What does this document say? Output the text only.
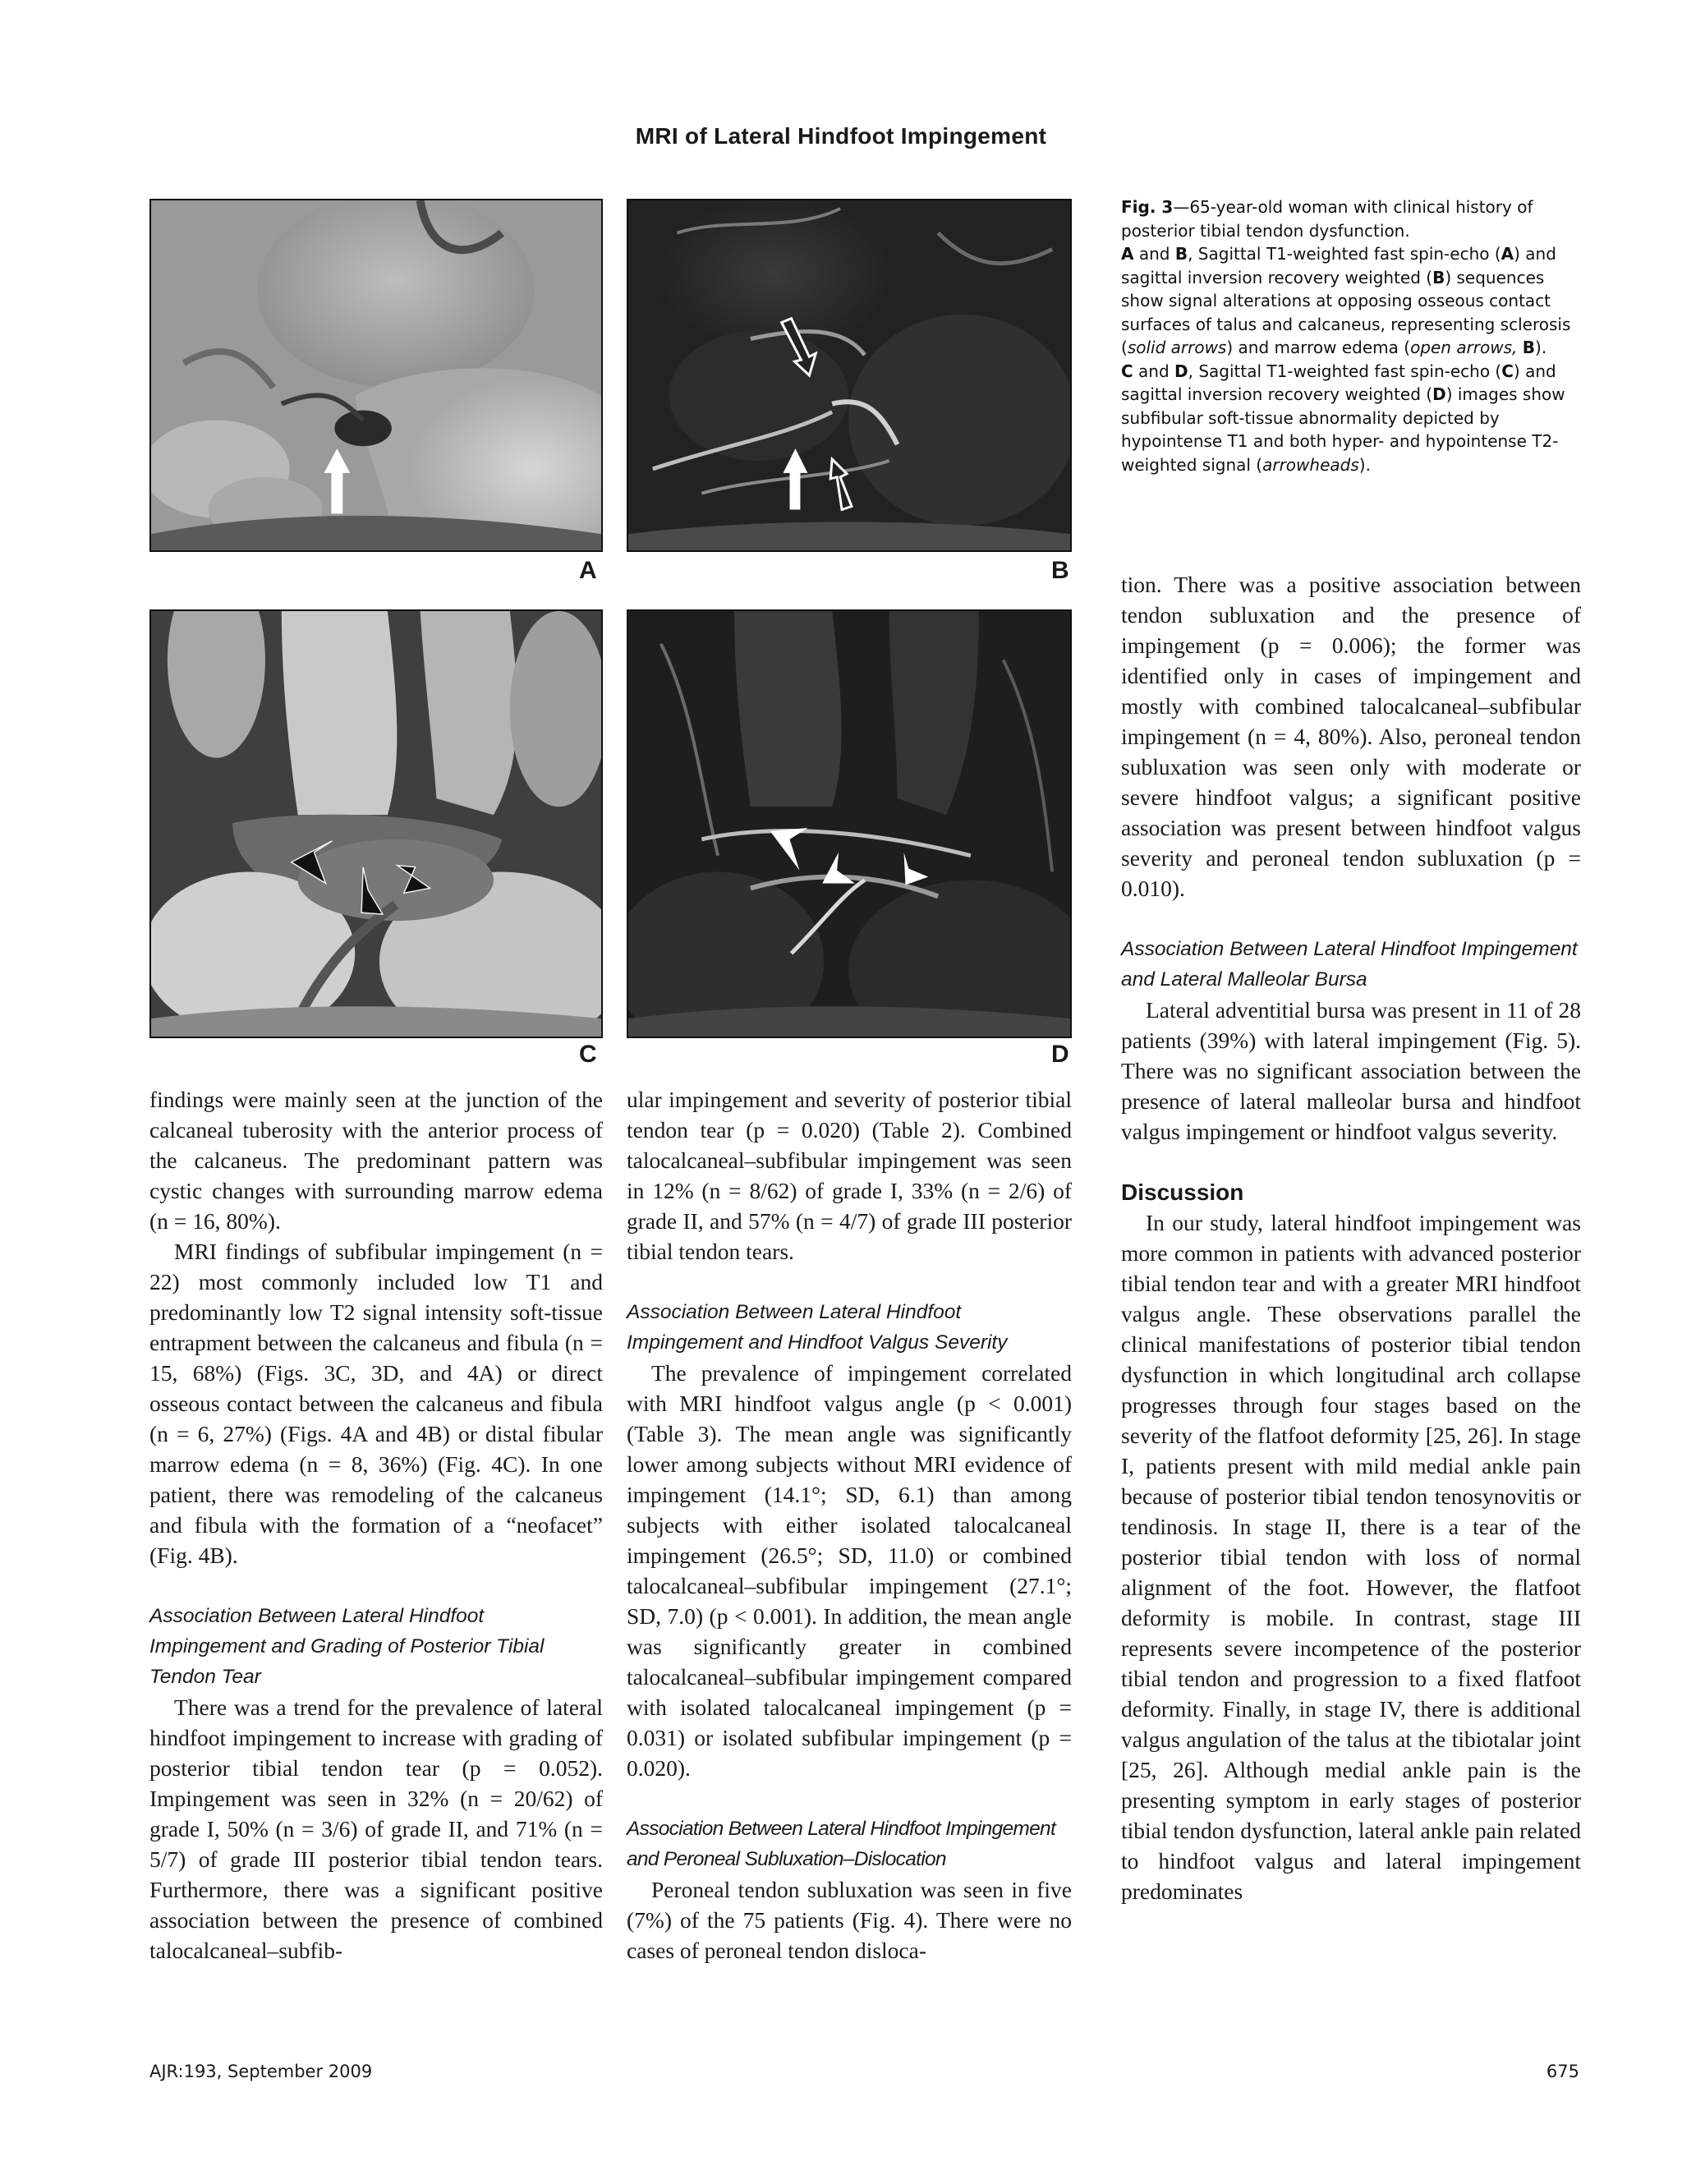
MRI of Lateral Hindfoot Impingement
A	B
C	D

Fig. 3—65-year-old woman with clinical history of posterior tibial tendon dysfunction.

A and B, Sagittal T1-weighted fast spin-echo (A) and sagittal inversion recovery weighted (B) sequences show signal alterations at opposing osseous contact surfaces of talus and calcaneus, representing sclerosis (solid arrows) and marrow edema (open arrows, B).

C and D, Sagittal T1-weighted fast spin-echo (C) and sagittal inversion recovery weighted (D) images show subfibular soft-tissue abnormality depicted by hypointense T1 and both hyper- and hypointense T2-weighted signal (arrowheads).

findings were mainly seen at the junction of the calcaneal tuberosity with the anterior process of the calcaneus. The predominant pattern was cystic changes with surrounding marrow edema (n = 16, 80%).

MRI findings of subfibular impingement (n = 22) most commonly included low T1 and predominantly low T2 signal intensity soft-tissue entrapment between the calcaneus and fibula (n = 15, 68%) (Figs. 3C, 3D, and 4A) or direct osseous contact between the calcaneus and fibula (n = 6, 27%) (Figs. 4A and 4B) or distal fibular marrow edema (n = 8, 36%) (Fig. 4C). In one patient, there was remodeling of the calcaneus and fibula with the formation of a “neofacet” (Fig. 4B).

Association Between Lateral Hindfoot Impingement and Grading of Posterior Tibial Tendon Tear

There was a trend for the prevalence of lateral hindfoot impingement to increase with grading of posterior tibial tendon tear (p = 0.052). Impingement was seen in 32% (n = 20/62) of grade I, 50% (n = 3/6) of grade II, and 71% (n = 5/7) of grade III posterior tibial tendon tears. Furthermore, there was a significant positive association between the presence of combined talocalcaneal–subfib-

ular impingement and severity of posterior tibial tendon tear (p = 0.020) (Table 2). Combined talocalcaneal–subfibular impingement was seen in 12% (n = 8/62) of grade I, 33% (n = 2/6) of grade II, and 57% (n = 4/7) of grade III posterior tibial tendon tears.

Association Between Lateral Hindfoot Impingement and Hindfoot Valgus Severity

The prevalence of impingement correlated with MRI hindfoot valgus angle (p < 0.001) (Table 3). The mean angle was significantly lower among subjects without MRI evidence of impingement (14.1°; SD, 6.1) than among subjects with either isolated talocalcaneal impingement (26.5°; SD, 11.0) or combined talocalcaneal–subfibular impingement (27.1°; SD, 7.0) (p < 0.001). In addition, the mean angle was significantly greater in combined talocalcaneal–subfibular impingement compared with isolated talocalcaneal impingement (p = 0.031) or isolated subfibular impingement (p = 0.020).

Association Between Lateral Hindfoot Impingement and Peroneal Subluxation–Dislocation

Peroneal tendon subluxation was seen in five (7%) of the 75 patients (Fig. 4). There were no cases of peroneal tendon disloca-

tion. There was a positive association between tendon subluxation and the presence of impingement (p = 0.006); the former was identified only in cases of impingement and mostly with combined talocalcaneal–subfibular impingement (n = 4, 80%). Also, peroneal tendon subluxation was seen only with moderate or severe hindfoot valgus; a significant positive association was present between hindfoot valgus severity and peroneal tendon subluxation (p = 0.010).

Association Between Lateral Hindfoot Impingement and Lateral Malleolar Bursa

Lateral adventitial bursa was present in 11 of 28 patients (39%) with lateral impingement (Fig. 5). There was no significant association between the presence of lateral malleolar bursa and hindfoot valgus impingement or hindfoot valgus severity.

Discussion

In our study, lateral hindfoot impingement was more common in patients with advanced posterior tibial tendon tear and with a greater MRI hindfoot valgus angle. These observations parallel the clinical manifestations of posterior tibial tendon dysfunction in which longitudinal arch collapse progresses through four stages based on the severity of the flatfoot deformity [25, 26]. In stage I, patients present with mild medial ankle pain because of posterior tibial tendon tenosynovitis or tendinosis. In stage II, there is a tear of the posterior tibial tendon with loss of normal alignment of the foot. However, the flatfoot deformity is mobile. In contrast, stage III represents severe incompetence of the posterior tibial tendon and progression to a fixed flatfoot deformity. Finally, in stage IV, there is additional valgus angulation of the talus at the tibiotalar joint [25, 26]. Although medial ankle pain is the presenting symptom in early stages of posterior tibial tendon dysfunction, lateral ankle pain related to hindfoot valgus and lateral impingement predominates

AJR:193, September 2009	675
